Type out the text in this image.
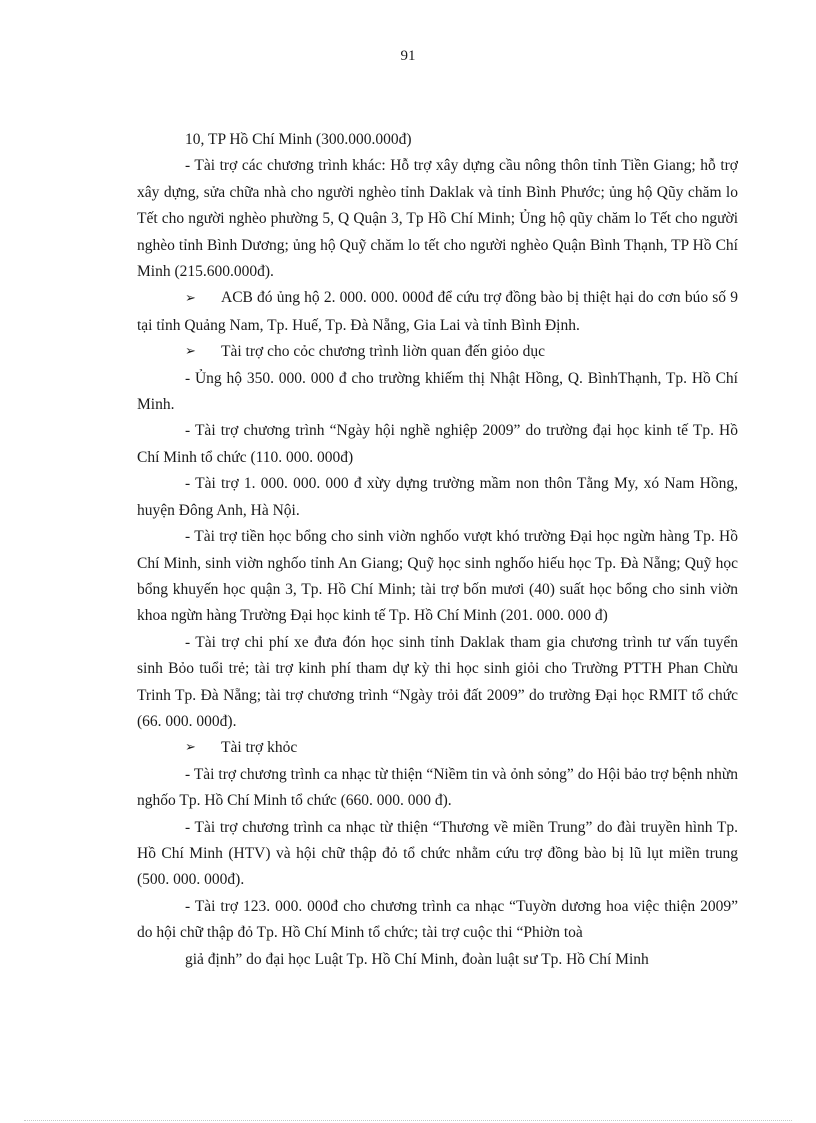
91

10, TP Hồ Chí Minh (300.000.000đ)

- Tài trợ các chương trình khác: Hỗ trợ xây dựng cầu nông thôn tỉnh Tiền Giang; hỗ trợ xây dựng, sửa chữa nhà cho người nghèo tỉnh Daklak và tỉnh Bình Phước; ủng hộ Qũy chăm lo Tết cho người nghèo phường 5, Q Quận 3, Tp Hồ Chí Minh; Ủng hộ qũy chăm lo Tết cho người nghèo tỉnh Bình Dương; ủng hộ Quỹ chăm lo tết cho người nghèo Quận Bình Thạnh, TP Hồ Chí Minh (215.600.000đ).

➢ ACB đó ủng hộ 2. 000. 000. 000đ để cứu trợ đồng bào bị thiệt hại do cơn búo số 9 tại tỉnh Quảng Nam, Tp. Huế, Tp. Đà Nẵng, Gia Lai và tỉnh Bình Định.

➢	Tài trợ cho cỏc chương trình liờn quan đến giỏo dục

- Ủng hộ 350. 000. 000 đ cho trường khiếm thị Nhật Hồng, Q. BìnhThạnh, Tp. Hồ Chí Minh.

- Tài trợ chương trình “Ngày hội nghề nghiệp 2009” do trường đại học kinh tế Tp. Hồ Chí Minh tổ chức (110. 000. 000đ)

- Tài trợ 1. 000. 000. 000 đ xừy dựng trường mầm non thôn Tằng My, xó Nam Hồng, huyện Đông Anh, Hà Nội.

- Tài trợ tiền học bổng cho sinh viờn nghốo vượt khó trường Đại học ngừn hàng Tp. Hồ Chí Minh, sinh viờn nghốo tỉnh An Giang; Quỹ học sinh nghốo hiếu học Tp. Đà Nẵng; Quỹ học bổng khuyến học quận 3, Tp. Hồ Chí Minh; tài trợ bốn mươi (40) suất học bổng cho sinh viờn khoa ngừn hàng Trường Đại học kinh tế Tp. Hồ Chí Minh (201. 000. 000 đ)

- Tài trợ chi phí xe đưa đón học sinh tỉnh Daklak tham gia chương trình tư vấn tuyển sinh Bỏo tuổi trẻ; tài trợ kinh phí tham dự kỳ thi học sinh giỏi cho Trường PTTH Phan Chừu Trinh Tp. Đà Nẵng; tài trợ chương trình “Ngày trỏi đất 2009” do trường Đại học RMIT tổ chức (66. 000. 000đ).

➢	Tài trợ khỏc

- Tài trợ chương trình ca nhạc từ thiện “Niềm tin và ỏnh sỏng” do Hội bảo trợ bệnh nhừn nghốo Tp. Hồ Chí Minh tổ chức (660. 000. 000 đ).

- Tài trợ chương trình ca nhạc từ thiện “Thương về miền Trung” do đài truyền hình Tp. Hồ Chí Minh (HTV) và hội chữ thập đỏ tổ chức nhằm cứu trợ đồng bào bị lũ lụt miền trung (500. 000. 000đ).

- Tài trợ 123. 000. 000đ cho chương trình ca nhạc “Tuyờn dương hoa việc thiện 2009” do hội chữ thập đỏ Tp. Hồ Chí Minh tổ chức; tài trợ cuộc thi “Phiờn toà

giả định” do đại học Luật Tp. Hồ Chí Minh, đoàn luật sư Tp. Hồ Chí Minh
